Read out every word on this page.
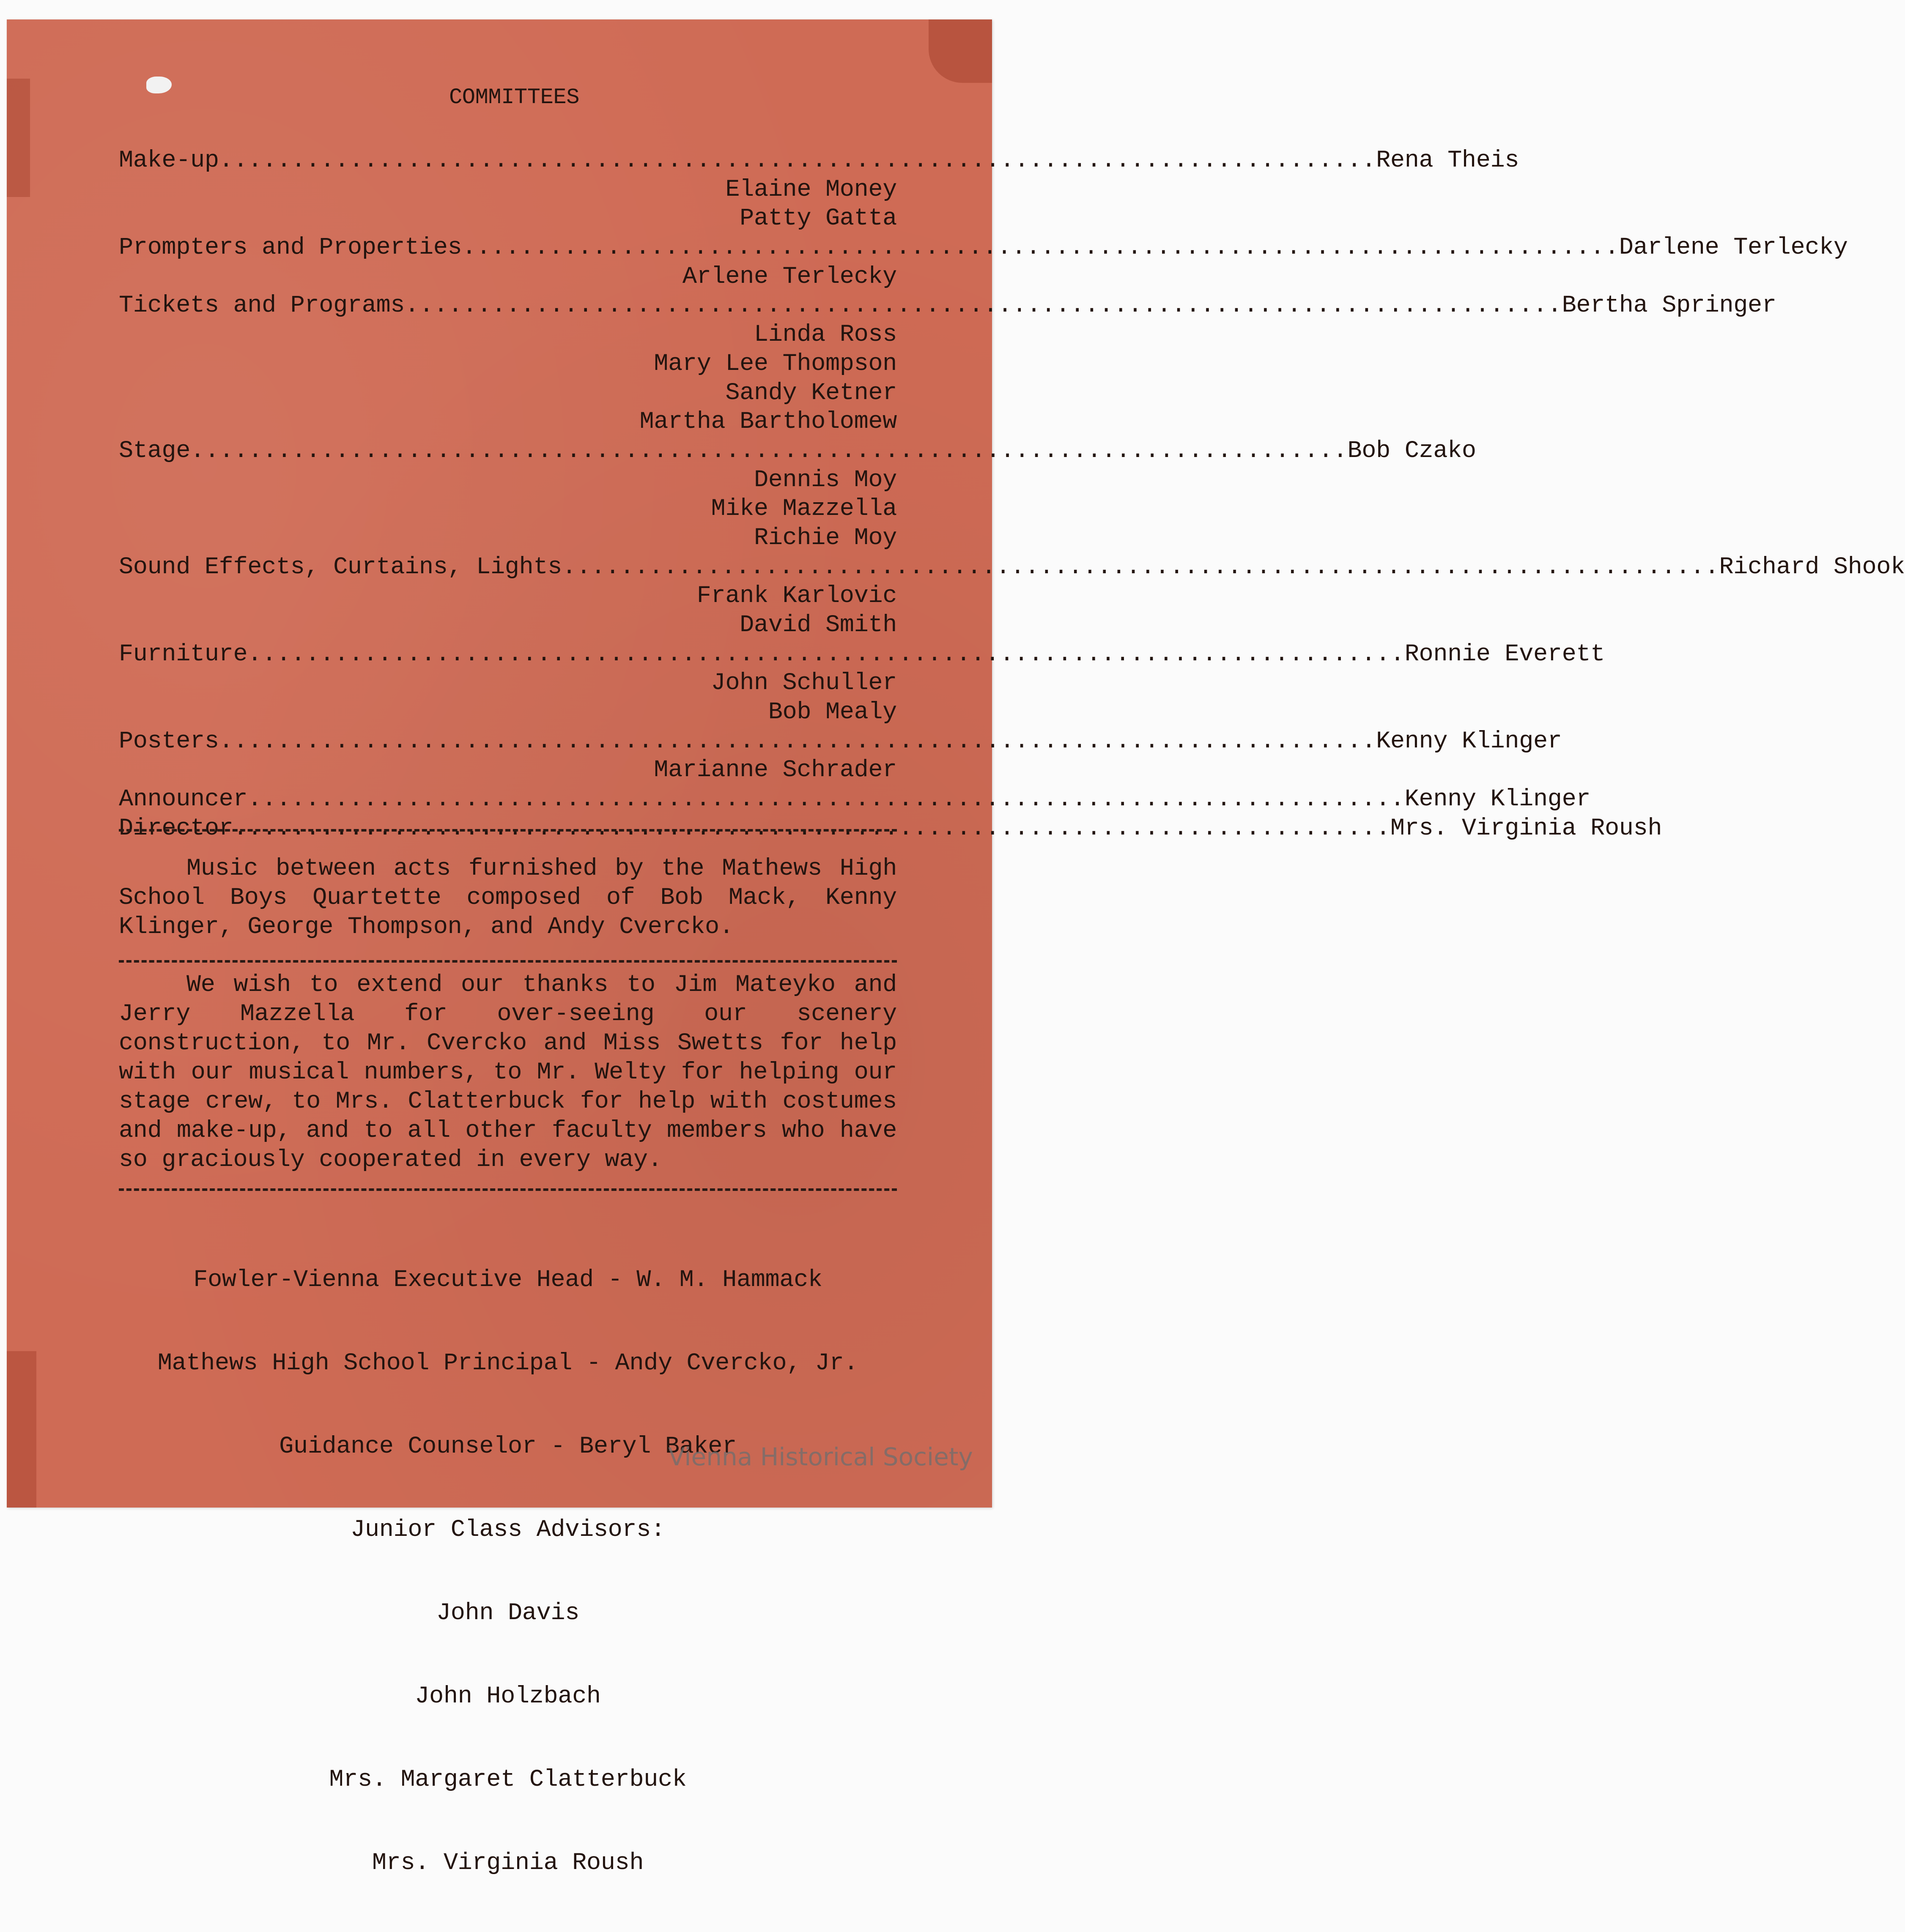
COMMITTEES
Make-up ................................................................................ Rena Theis
Elaine Money
Patty Gatta
Prompters and Properties ................................................................................ Darlene Terlecky
Arlene Terlecky
Tickets and Programs ................................................................................ Bertha Springer
Linda Ross
Mary Lee Thompson
Sandy Ketner
Martha Bartholomew
Stage ................................................................................ Bob Czako
Dennis Moy
Mike Mazzella
Richie Moy
Sound Effects, Curtains, Lights ................................................................................ Richard Shook
Frank Karlovic
David Smith
Furniture ................................................................................ Ronnie Everett
John Schuller
Bob Mealy
Posters ................................................................................ Kenny Klinger
Marianne Schrader
Announcer ................................................................................ Kenny Klinger
Director ................................................................................ Mrs. Virginia Roush
Music between acts furnished by the Mathews High School Boys Quartette composed of Bob Mack, Kenny Klinger, George Thompson, and Andy Cvercko.
We wish to extend our thanks to Jim Mateyko and Jerry Mazzella for over-seeing our scenery construction, to Mr. Cvercko and Miss Swetts for help with our musical numbers, to Mr. Welty for helping our stage crew, to Mrs. Clatterbuck for help with costumes and make-up, and to all other faculty members who have so graciously cooperated in every way.

Fowler-Vienna Executive Head - W. M. Hammack

Mathews High School Principal - Andy Cvercko, Jr.

Guidance Counselor - Beryl Baker

Junior Class Advisors:

John Davis

John Holzbach

Mrs. Margaret Clatterbuck

Mrs. Virginia Roush

Vienna Historical Society
